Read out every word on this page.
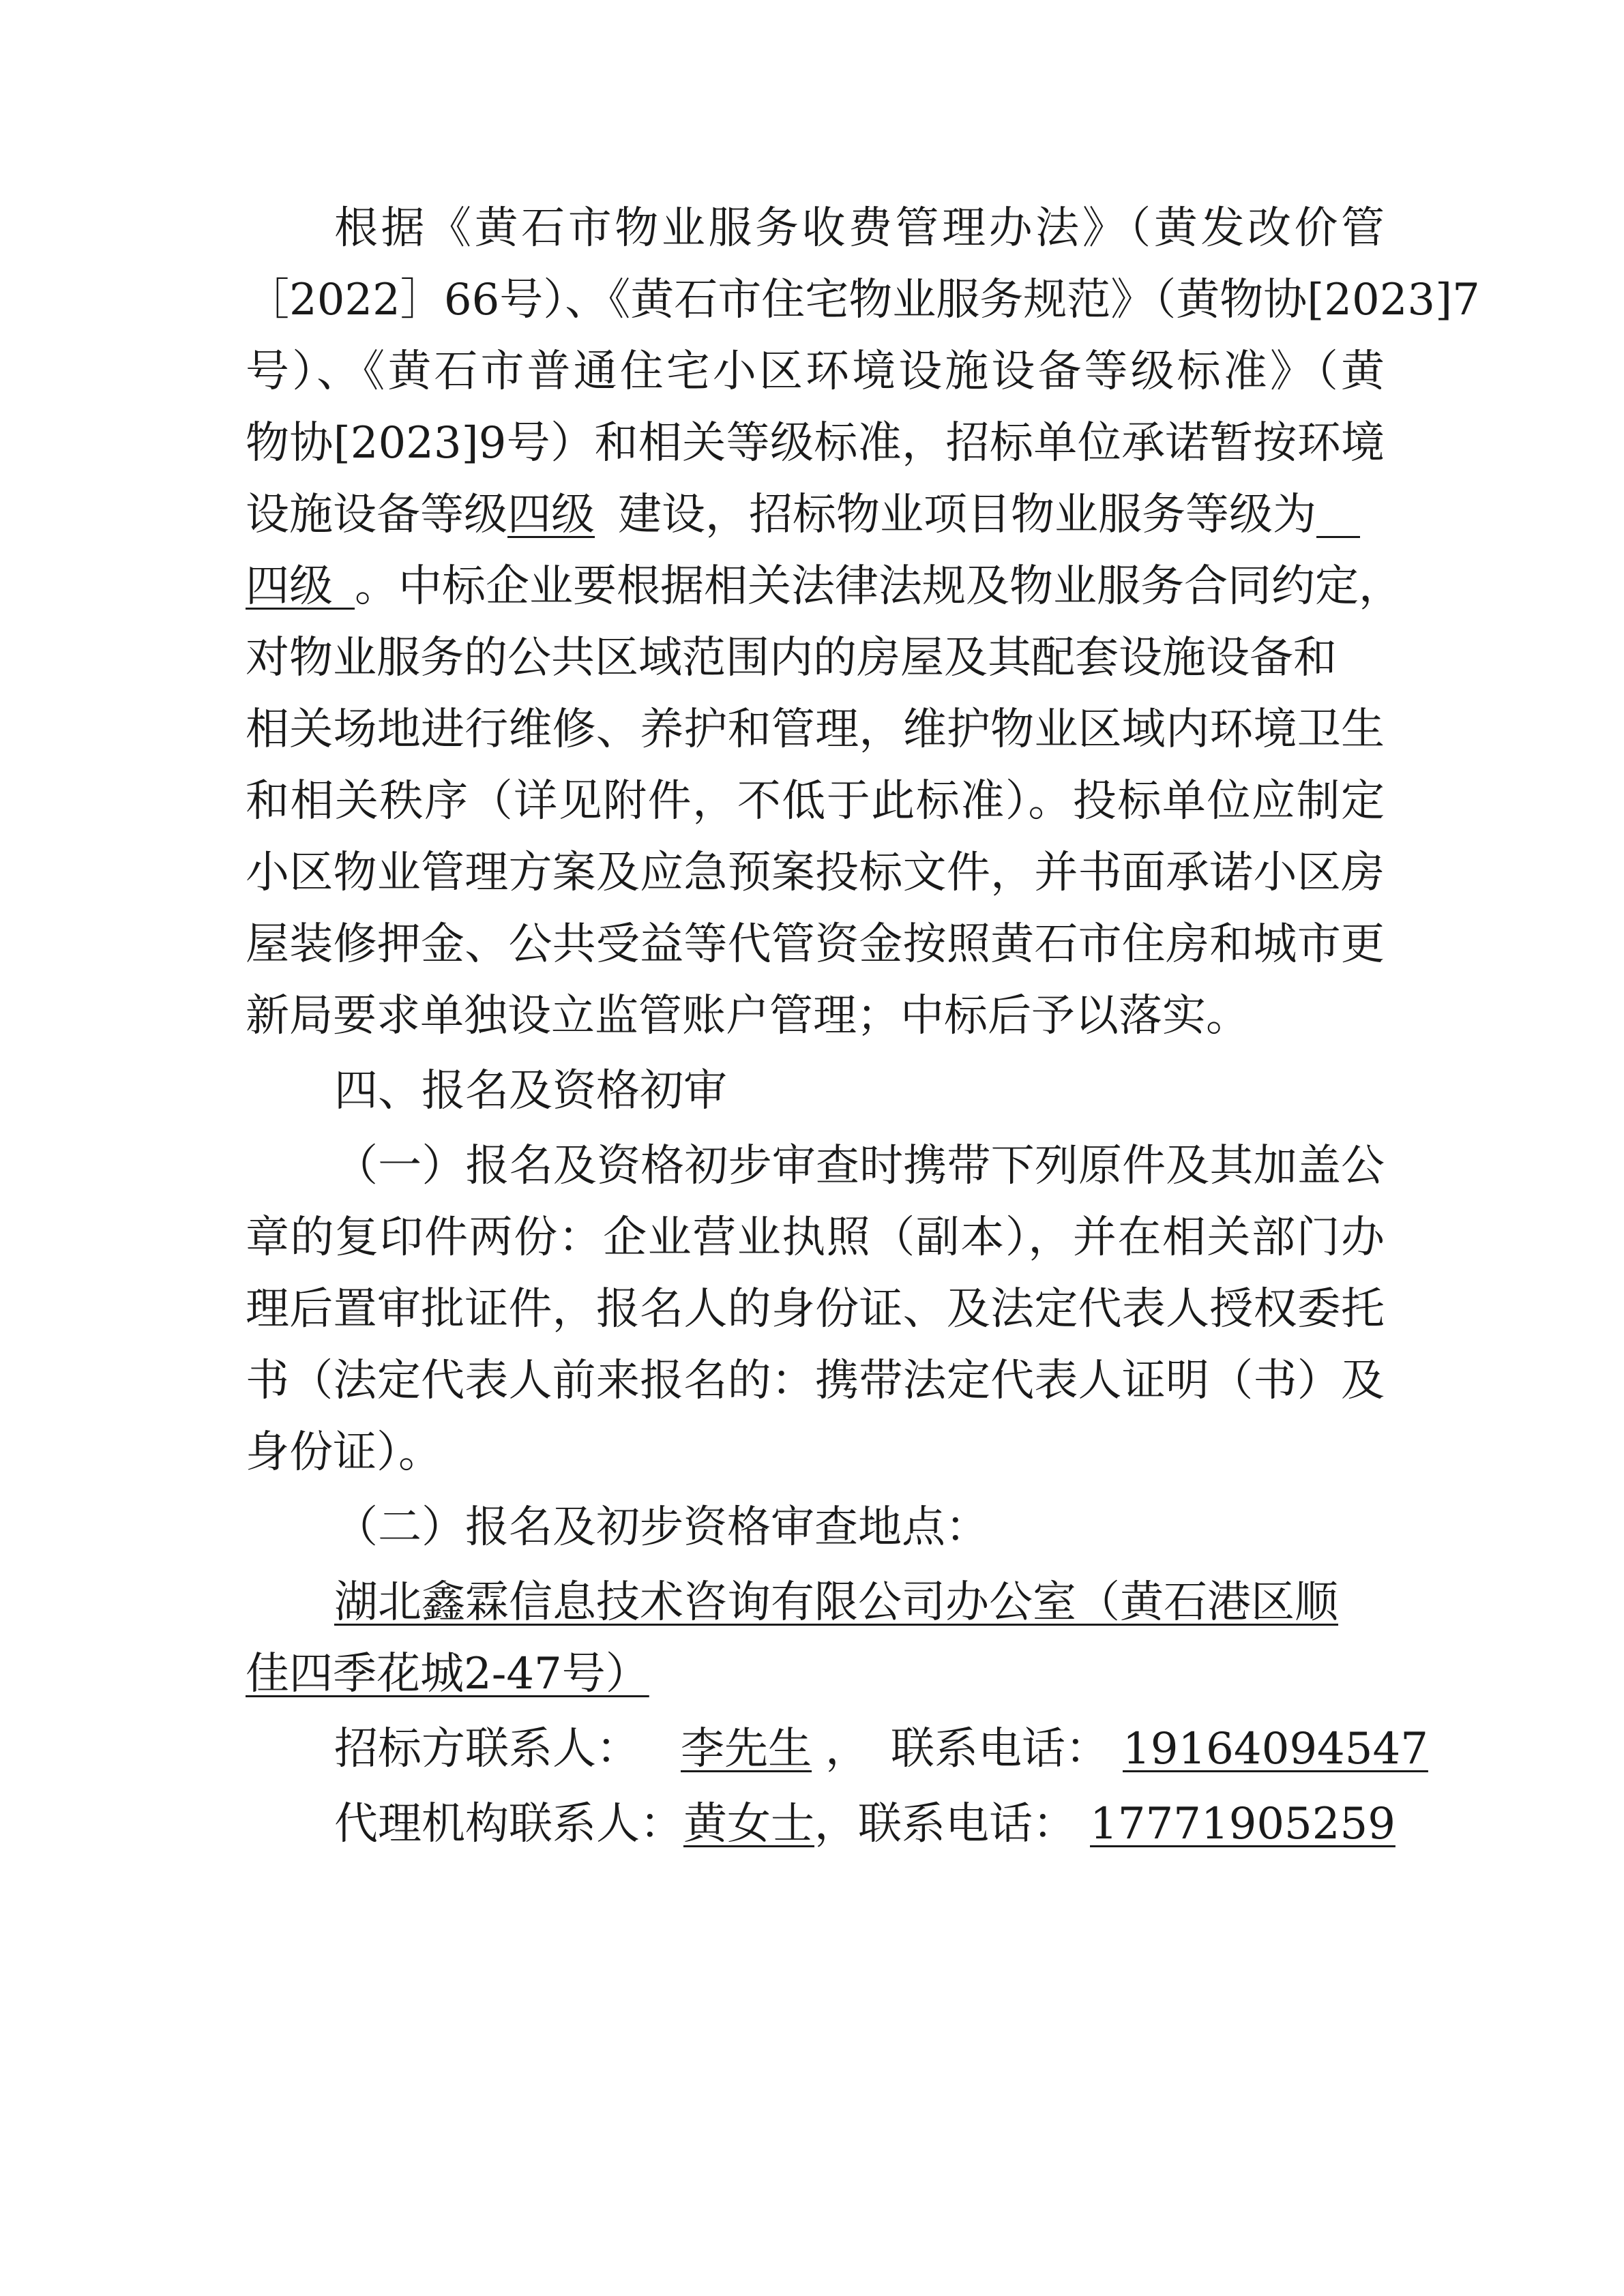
根据《黄石市物业服务收费管理办法》（黄发改价管
［2022］66号）、《黄石市住宅物业服务规范》（黄物协[2023]7
号）、《黄石市普通住宅小区环境设施设备等级标准》（黄
物协[2023]9号）和相关等级标准，招标单位承诺暂按环境
设施设备等级四级 建设，招标物业项目物业服务等级为 
四级  。中标企业要根据相关法律法规及物业服务合同约定，
对物业服务的公共区域范围内的房屋及其配套设施设备和
相关场地进行维修、养护和管理，维护物业区域内环境卫生
和相关秩序（详见附件，不低于此标准）。投标单位应制定
小区物业管理方案及应急预案投标文件，并书面承诺小区房
屋装修押金、公共受益等代管资金按照黄石市住房和城市更
新局要求单独设立监管账户管理；中标后予以落实。
四、报名及资格初审
（一）报名及资格初步审查时携带下列原件及其加盖公
章的复印件两份：企业营业执照（副本），并在相关部门办
理后置审批证件，报名人的身份证、及法定代表人授权委托
书（法定代表人前来报名的：携带法定代表人证明（书）及
身份证）。
（二）报名及初步资格审查地点：
湖北鑫霖信息技术咨询有限公司办公室（黄石港区顺
佳四季花城2-47号）
招标方联系人： 李先生 ，　联系电话： 19164094547
代理机构联系人：黄女士，联系电话： 17771905259
